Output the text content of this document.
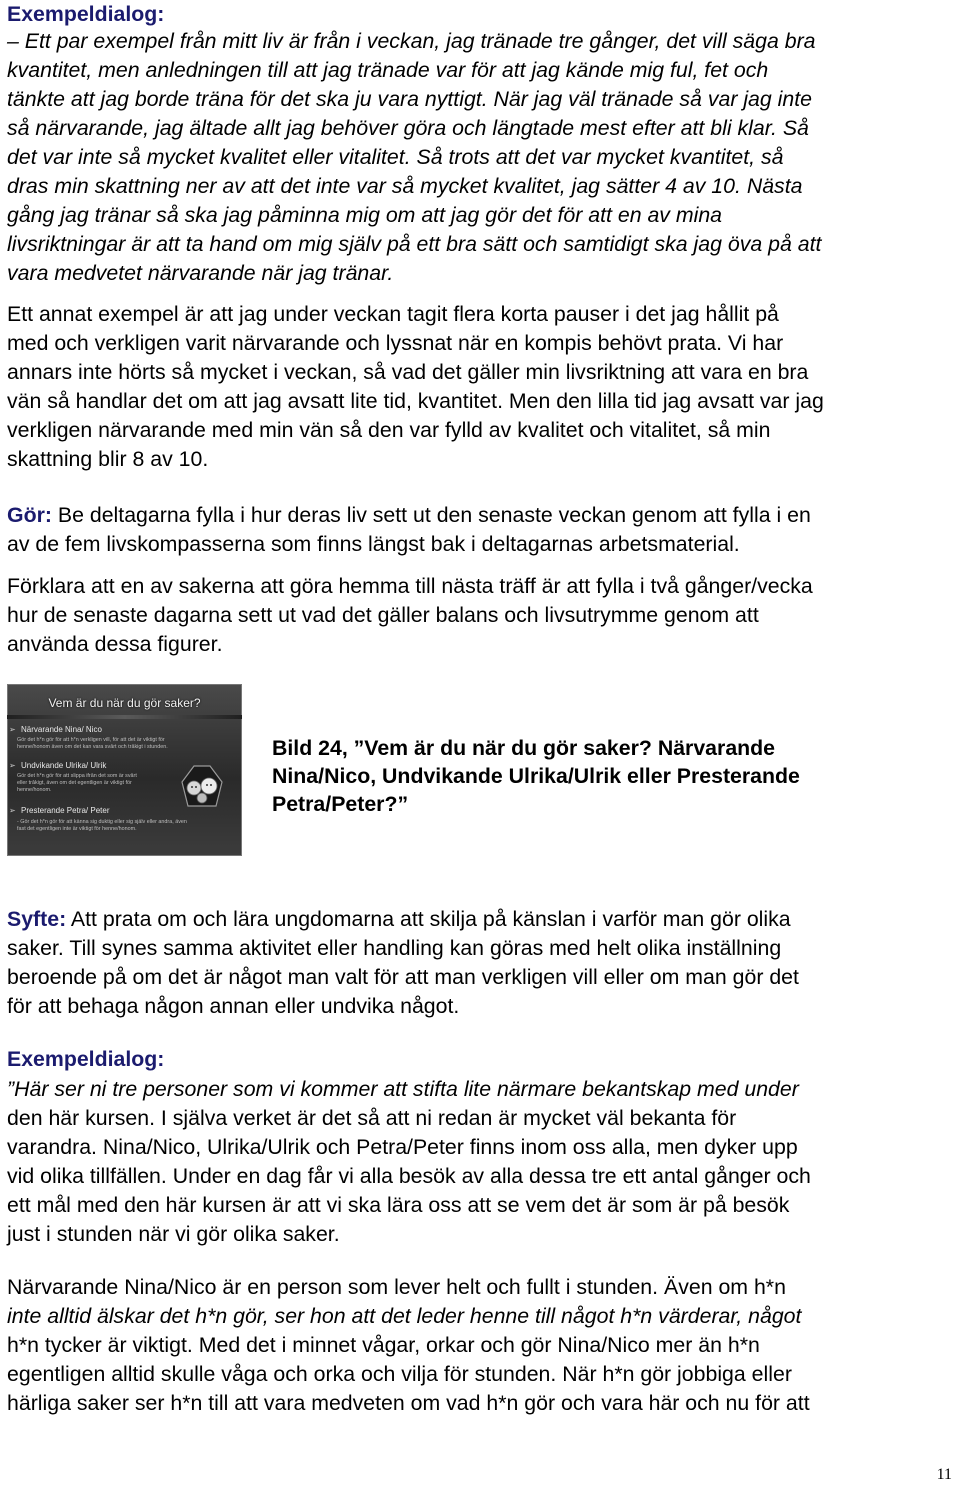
Exempeldialog:
– Ett par exempel från mitt liv är från i veckan, jag tränade tre gånger, det vill säga bra
kvantitet, men anledningen till att jag tränade var för att jag kände mig ful, fet och
tänkte att jag borde träna för det ska ju vara nyttigt. När jag väl tränade så var jag inte
så närvarande, jag ältade allt jag behöver göra och längtade mest efter att bli klar. Så
det var inte så mycket kvalitet eller vitalitet. Så trots att det var mycket kvantitet, så
dras min skattning ner av att det inte var så mycket kvalitet, jag sätter 4 av 10. Nästa
gång jag tränar så ska jag påminna mig om att jag gör det för att en av mina
livsriktningar är att ta hand om mig själv på ett bra sätt och samtidigt ska jag öva på att
vara medvetet närvarande när jag tränar.
Ett annat exempel är att jag under veckan tagit flera korta pauser i det jag hållit på
med och verkligen varit närvarande och lyssnat när en kompis behövt prata. Vi har
annars inte hörts så mycket i veckan, så vad det gäller min livsriktning att vara en bra
vän så handlar det om att jag avsatt lite tid, kvantitet. Men den lilla tid jag avsatt var jag
verkligen närvarande med min vän så den var fylld av kvalitet och vitalitet, så min
skattning blir 8 av 10.
Gör: Be deltagarna fylla i hur deras liv sett ut den senaste veckan genom att fylla i en
av de fem livskompasserna som finns längst bak i deltagarnas arbetsmaterial.
Förklara att en av sakerna att göra hemma till nästa träff är att fylla i två gånger/vecka
hur de senaste dagarna sett ut vad det gäller balans och livsutrymme genom att
använda dessa figurer.
Vem är du när du gör saker?
➢ Närvarande Nina/ Nico
Gör det h*n gör för att h*n verkligen vill, för att det är viktigt för
henne/honom även om det kan vara svårt och tråkigt i stunden.
➢ Undvikande Ulrika/ Ulrik
Gör det h*n gör för att slippa ifrån det som är svårt
eller tråkigt, även om det egentligen är viktigt för
henne/honom.
➢ Presterande Petra/ Peter
- Gör det h*n gör för att känna sig duktig eller sig själv eller andra, även
fast det egentligen inte är viktigt för henne/honom.
Bild 24, ”Vem är du när du gör saker? Närvarande
Nina/Nico, Undvikande Ulrika/Ulrik eller Presterande
Petra/Peter?”
Syfte: Att prata om och lära ungdomarna att skilja på känslan i varför man gör olika
saker. Till synes samma aktivitet eller handling kan göras med helt olika inställning
beroende på om det är något man valt för att man verkligen vill eller om man gör det
för att behaga någon annan eller undvika något.
Exempeldialog:
”Här ser ni tre personer som vi kommer att stifta lite närmare bekantskap med under
den här kursen. I själva verket är det så att ni redan är mycket väl bekanta för
varandra. Nina/Nico, Ulrika/Ulrik och Petra/Peter finns inom oss alla, men dyker upp
vid olika tillfällen. Under en dag får vi alla besök av alla dessa tre ett antal gånger och
ett mål med den här kursen är att vi ska lära oss att se vem det är som är på besök
just i stunden när vi gör olika saker.
Närvarande Nina/Nico är en person som lever helt och fullt i stunden. Även om h*n
inte alltid älskar det h*n gör, ser hon att det leder henne till något h*n värderar, något
h*n tycker är viktigt. Med det i minnet vågar, orkar och gör Nina/Nico mer än h*n
egentligen alltid skulle våga och orka och vilja för stunden. När h*n gör jobbiga eller
härliga saker ser h*n till att vara medveten om vad h*n gör och vara här och nu för att
11
